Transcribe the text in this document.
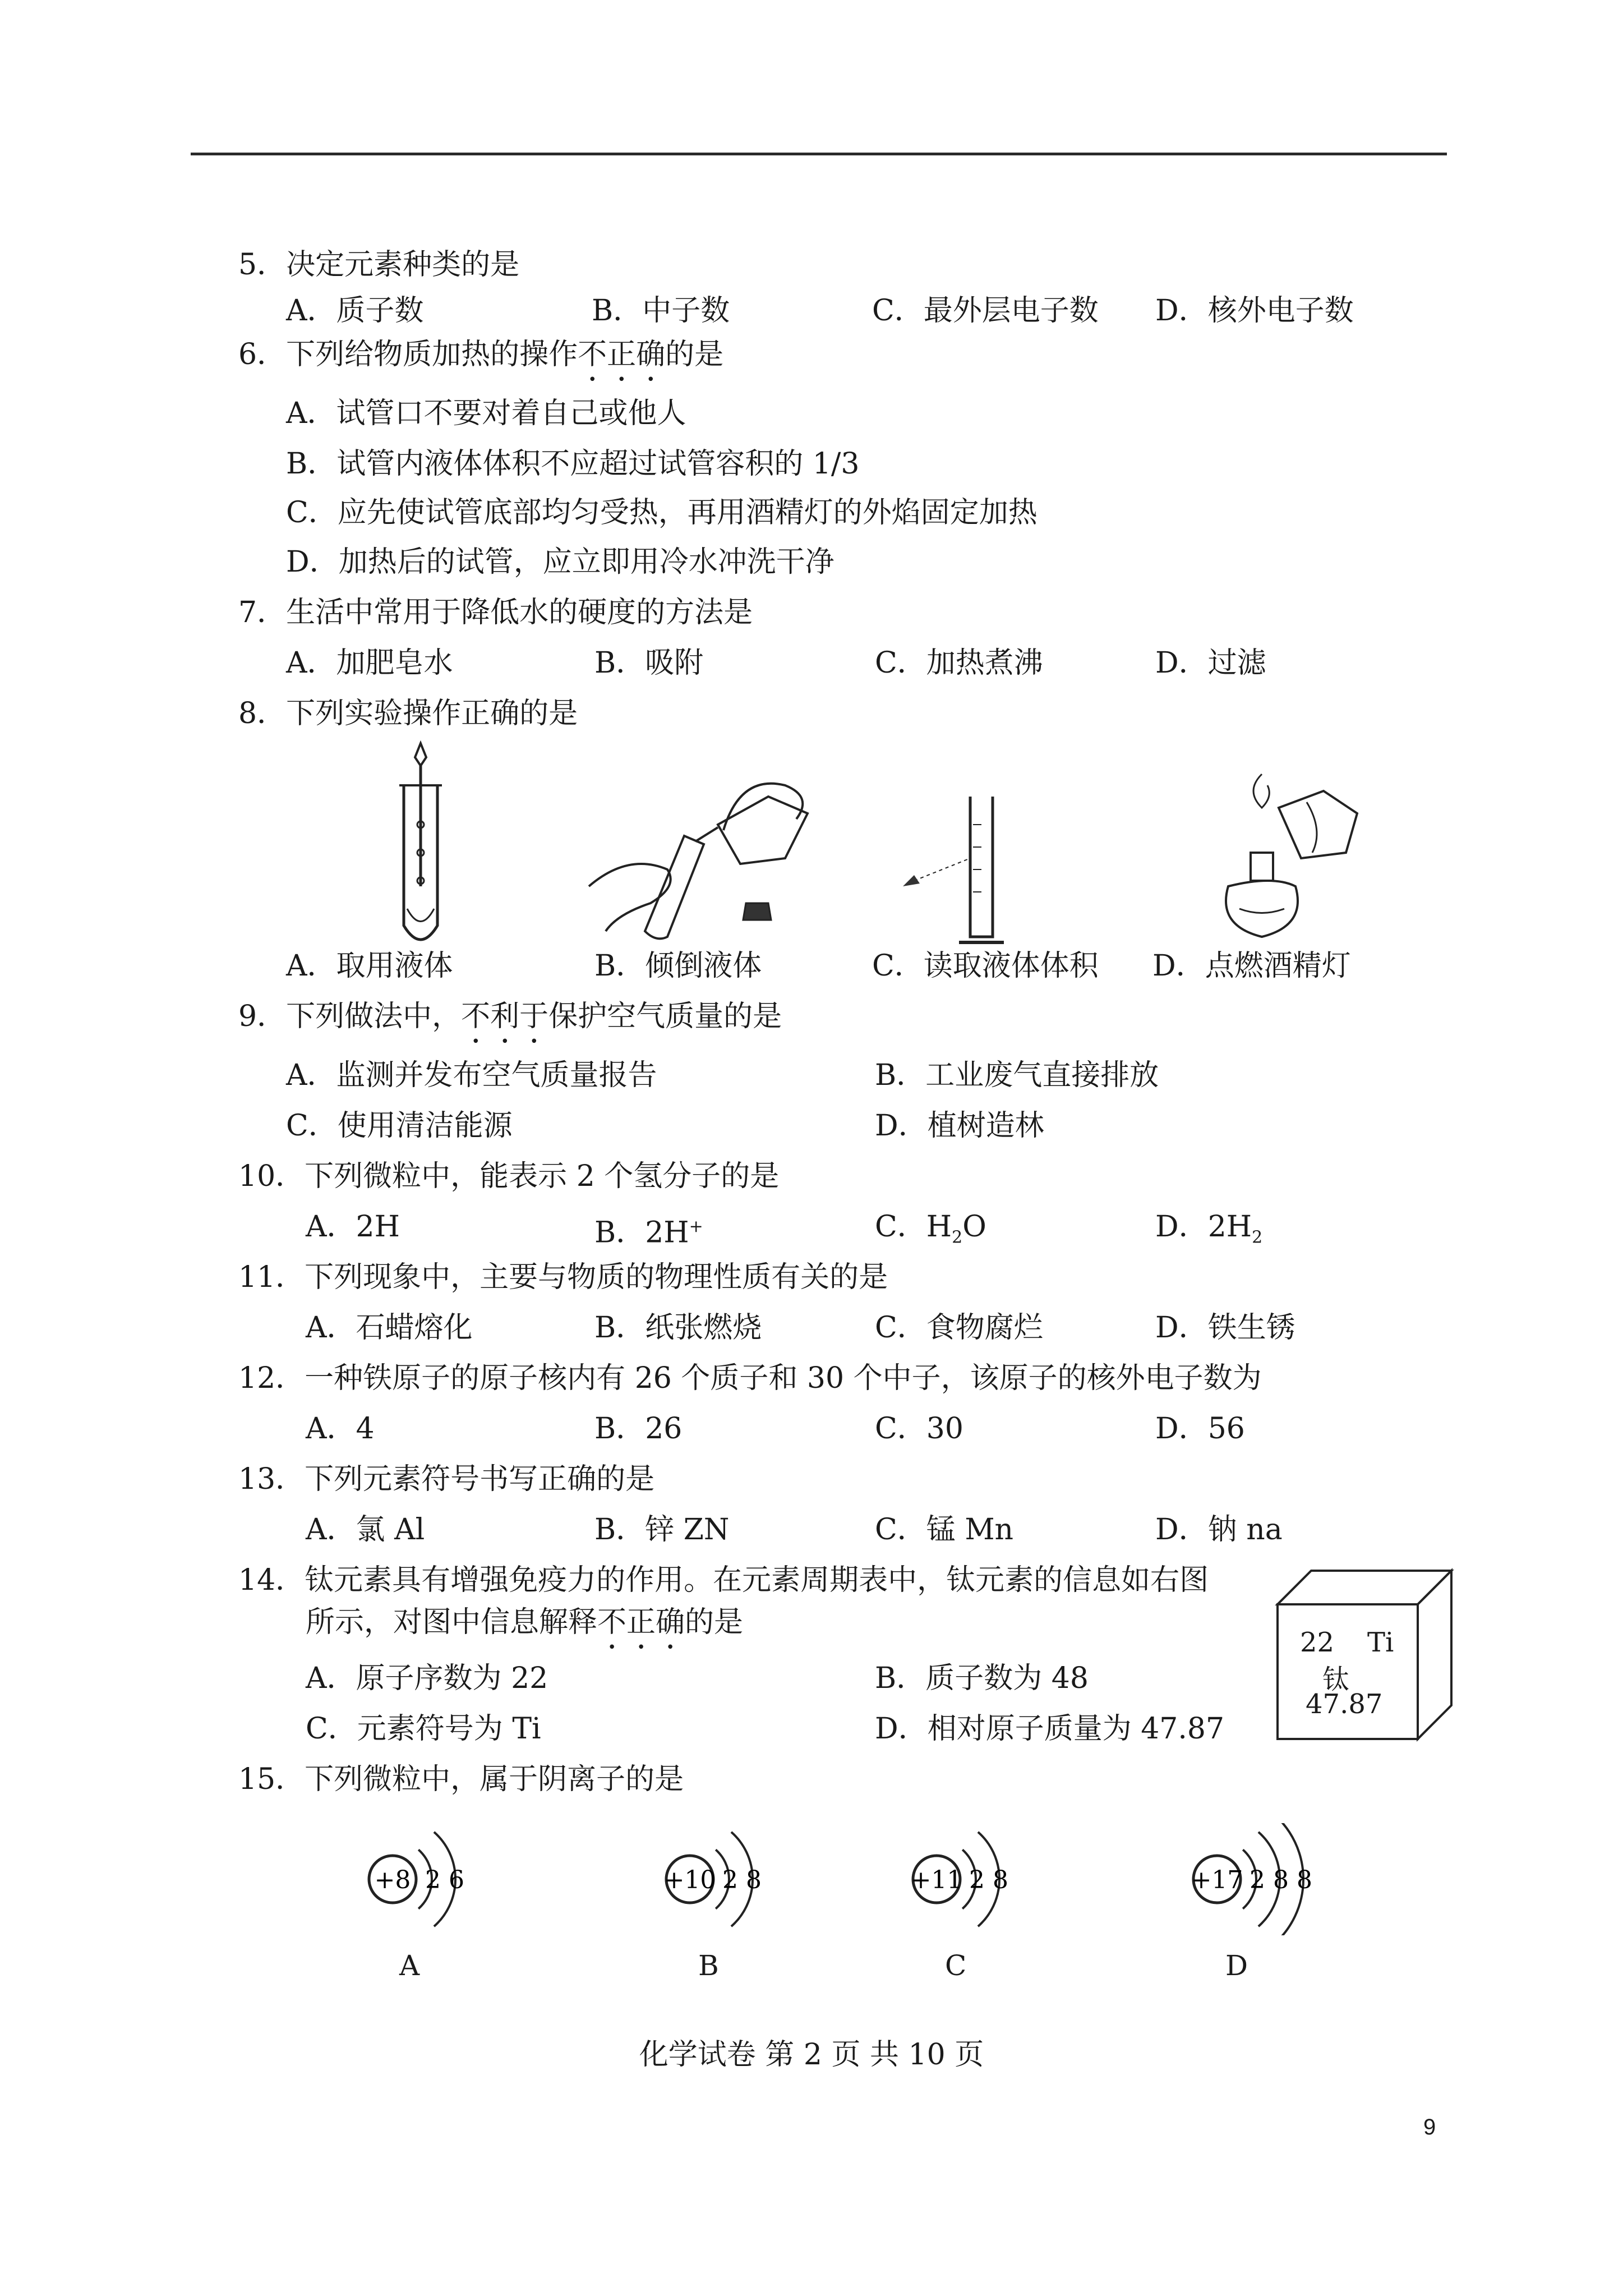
5．决定元素种类的是
A．质子数	B．中子数	C．最外层电子数 D．核外电子数
6．下列给物质加热的操作不正确的是
A．试管口不要对着自己或他人
B．试管内液体体积不应超过试管容积的 1/3
C．应先使试管底部均匀受热，再用酒精灯的外焰固定加热
D．加热后的试管，应立即用冷水冲洗干净
7．生活中常用于降低水的硬度的方法是
A．加肥皂水	B．吸附	C．加热煮沸	D．过滤
8．下列实验操作正确的是
A．取用液体	B．倾倒液体	C．读取液体体积 D．点燃酒精灯
9．下列做法中，不利于保护空气质量的是
A．监测并发布空气质量报告	B．工业废气直接排放
C．使用清洁能源	D．植树造林
10．下列微粒中，能表示 2 个氢分子的是
A．2H	B．2H+	C．$H_2O$	D．$2H_2$
11．下列现象中，主要与物质的物理性质有关的是
A．石蜡熔化	B．纸张燃烧	C．食物腐烂	D．铁生锈
12．一种铁原子的原子核内有 26 个质子和 30 个中子，该原子的核外电子数为
A．4	B．26	C．30	D．56
13．下列元素符号书写正确的是
A．氯 Al	B．锌 ZN	C．锰 Mn	D．钠 na
14．钛元素具有增强免疫力的作用。在元素周期表中，钛元素的信息如右图
所示，对图中信息解释不正确的是
A．原子序数为 22	B．质子数为 48
C．元素符号为 Ti	D．相对原子质量为 47.87
22 Ti
钛
47.87
15．下列微粒中，属于阴离子的是
+8 2 6	+10 2 8	+11 2 8	+17 2 8 8
A	B	C	D
化学试卷 第 2 页 共 10 页
9
